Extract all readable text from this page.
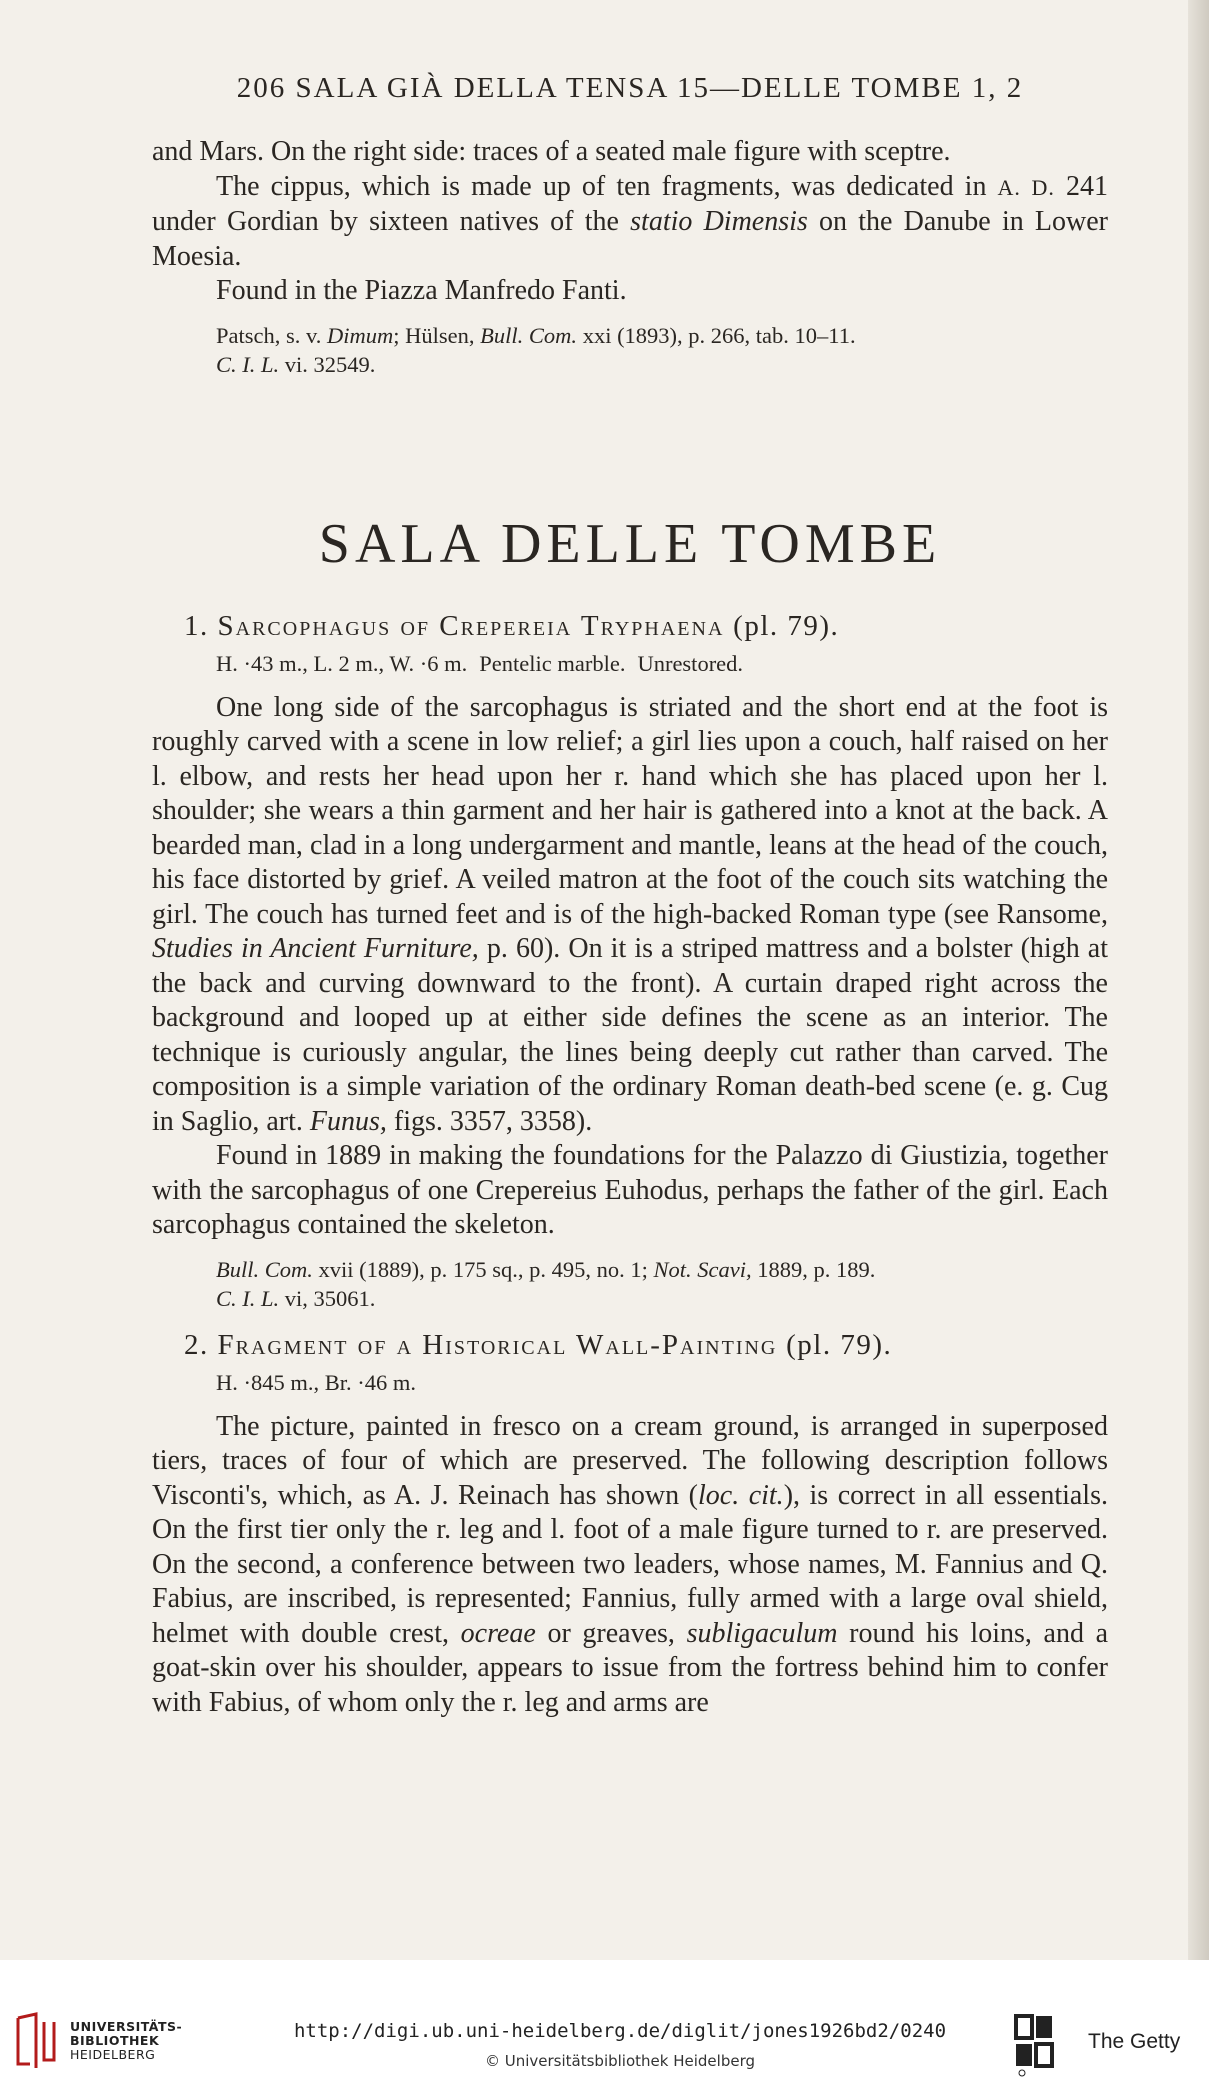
206 SALA GIÀ DELLA TENSA 15—DELLE TOMBE 1, 2

and Mars. On the right side: traces of a seated male figure with sceptre.

The cippus, which is made up of ten fragments, was dedicated in A. D. 241 under Gordian by sixteen natives of the statio Dimensis on the Danube in Lower Moesia.

Found in the Piazza Manfredo Fanti.

Patsch, s. v. Dimum; Hülsen, Bull. Com. xxi (1893), p. 266, tab. 10–11.
C. I. L. vi. 32549.
SALA DELLE TOMBE
1. Sarcophagus of Crepereia Tryphaena (pl. 79).
H. ·43 m., L. 2 m., W. ·6 m. Pentelic marble. Unrestored.

One long side of the sarcophagus is striated and the short end at the foot is roughly carved with a scene in low relief; a girl lies upon a couch, half raised on her l. elbow, and rests her head upon her r. hand which she has placed upon her l. shoulder; she wears a thin garment and her hair is gathered into a knot at the back. A bearded man, clad in a long undergarment and mantle, leans at the head of the couch, his face distorted by grief. A veiled matron at the foot of the couch sits watching the girl. The couch has turned feet and is of the high-backed Roman type (see Ransome, Studies in Ancient Furniture, p. 60). On it is a striped mattress and a bolster (high at the back and curving downward to the front). A curtain draped right across the background and looped up at either side defines the scene as an interior. The technique is curiously angular, the lines being deeply cut rather than carved. The composition is a simple variation of the ordinary Roman death-bed scene (e. g. Cug in Saglio, art. Funus, figs. 3357, 3358).

Found in 1889 in making the foundations for the Palazzo di Giustizia, together with the sarcophagus of one Crepereius Euhodus, perhaps the father of the girl. Each sarcophagus contained the skeleton.

Bull. Com. xvii (1889), p. 175 sq., p. 495, no. 1; Not. Scavi, 1889, p. 189.
C. I. L. vi, 35061.
2. Fragment of a Historical Wall-Painting (pl. 79).
H. ·845 m., Br. ·46 m.

The picture, painted in fresco on a cream ground, is arranged in superposed tiers, traces of four of which are preserved. The following description follows Visconti's, which, as A. J. Reinach has shown (loc. cit.), is correct in all essentials. On the first tier only the r. leg and l. foot of a male figure turned to r. are preserved. On the second, a conference between two leaders, whose names, M. Fannius and Q. Fabius, are inscribed, is represented; Fannius, fully armed with a large oval shield, helmet with double crest, ocreae or greaves, subligaculum round his loins, and a goat-skin over his shoulder, appears to issue from the fortress behind him to confer with Fabius, of whom only the r. leg and arms are

UNIVERSITÄTS-
BIBLIOTHEK
HEIDELBERG
http://digi.ub.uni-heidelberg.de/diglit/jones1926bd2/0240
© Universitätsbibliothek Heidelberg
The Getty
